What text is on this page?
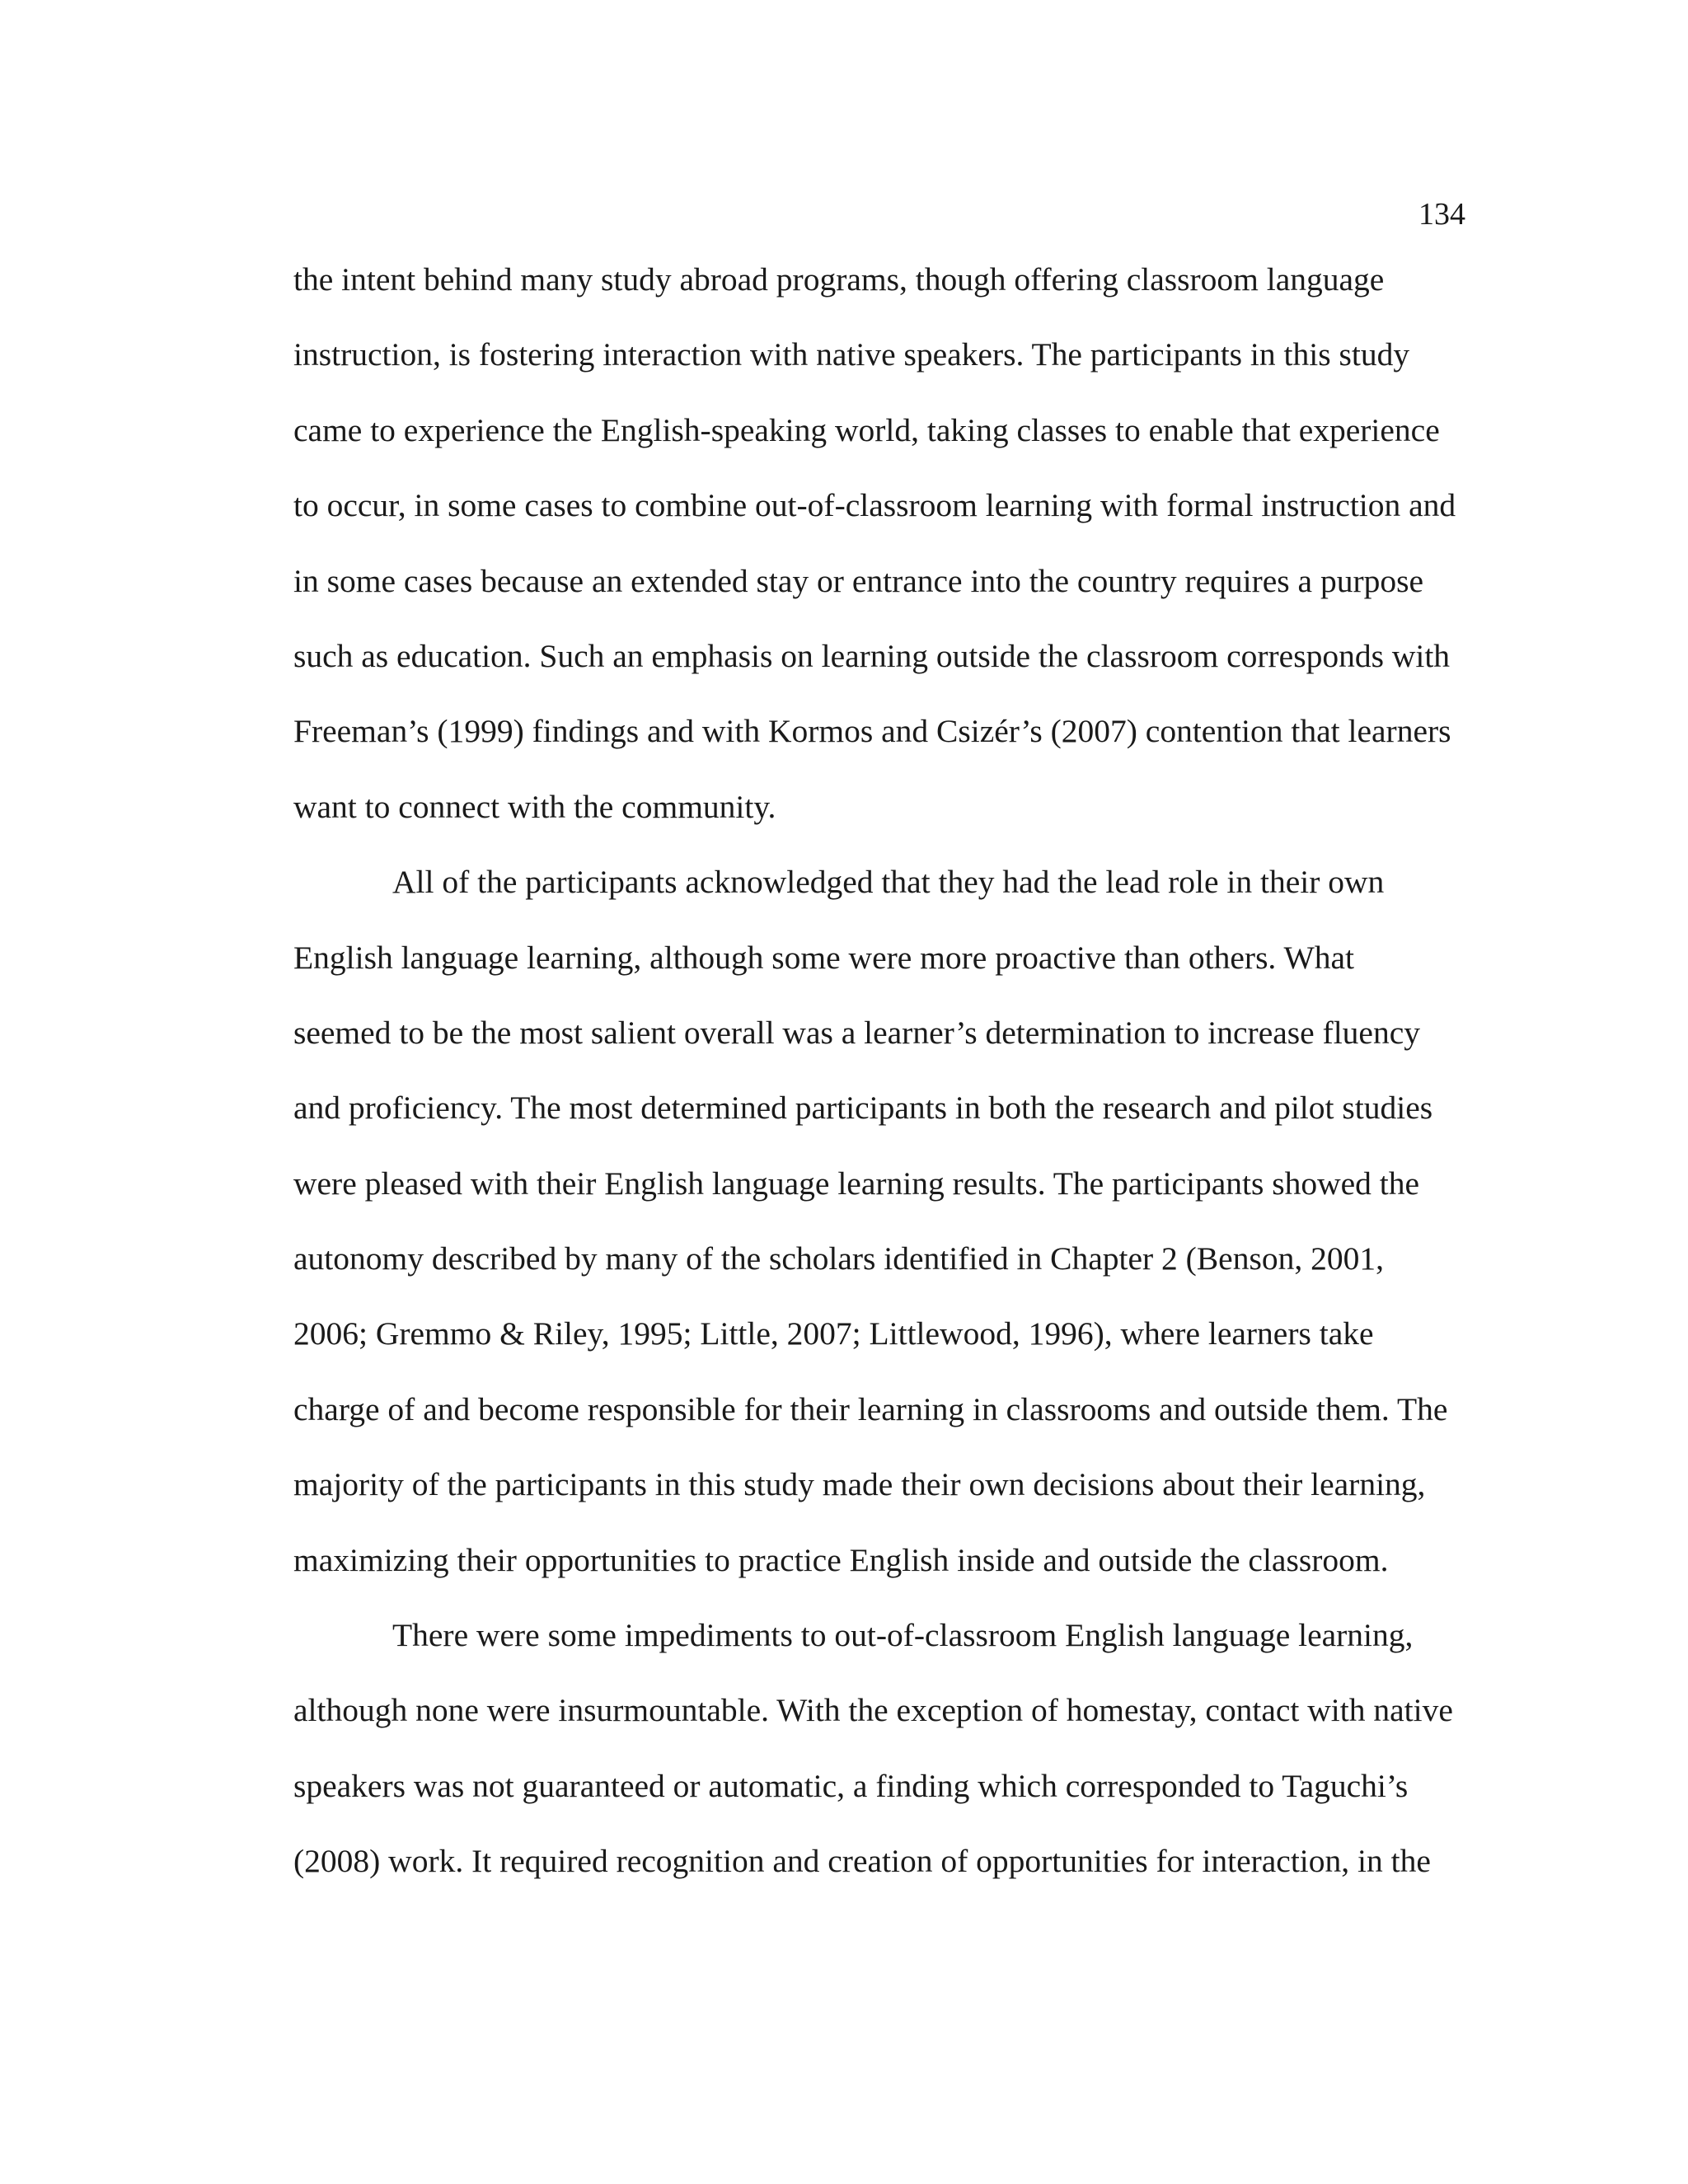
134

the intent behind many study abroad programs, though offering classroom language
instruction, is fostering interaction with native speakers. The participants in this study
came to experience the English-speaking world, taking classes to enable that experience
to occur, in some cases to combine out-of-classroom learning with formal instruction and
in some cases because an extended stay or entrance into the country requires a purpose
such as education. Such an emphasis on learning outside the classroom corresponds with
Freeman’s (1999) findings and with Kormos and Csizér’s (2007) contention that learners
want to connect with the community.
All of the participants acknowledged that they had the lead role in their own
English language learning, although some were more proactive than others. What
seemed to be the most salient overall was a learner’s determination to increase fluency
and proficiency. The most determined participants in both the research and pilot studies
were pleased with their English language learning results. The participants showed the
autonomy described by many of the scholars identified in Chapter 2 (Benson, 2001,
2006; Gremmo & Riley, 1995; Little, 2007; Littlewood, 1996), where learners take
charge of and become responsible for their learning in classrooms and outside them. The
majority of the participants in this study made their own decisions about their learning,
maximizing their opportunities to practice English inside and outside the classroom.
There were some impediments to out-of-classroom English language learning,
although none were insurmountable. With the exception of homestay, contact with native
speakers was not guaranteed or automatic, a finding which corresponded to Taguchi’s
(2008) work. It required recognition and creation of opportunities for interaction, in the
